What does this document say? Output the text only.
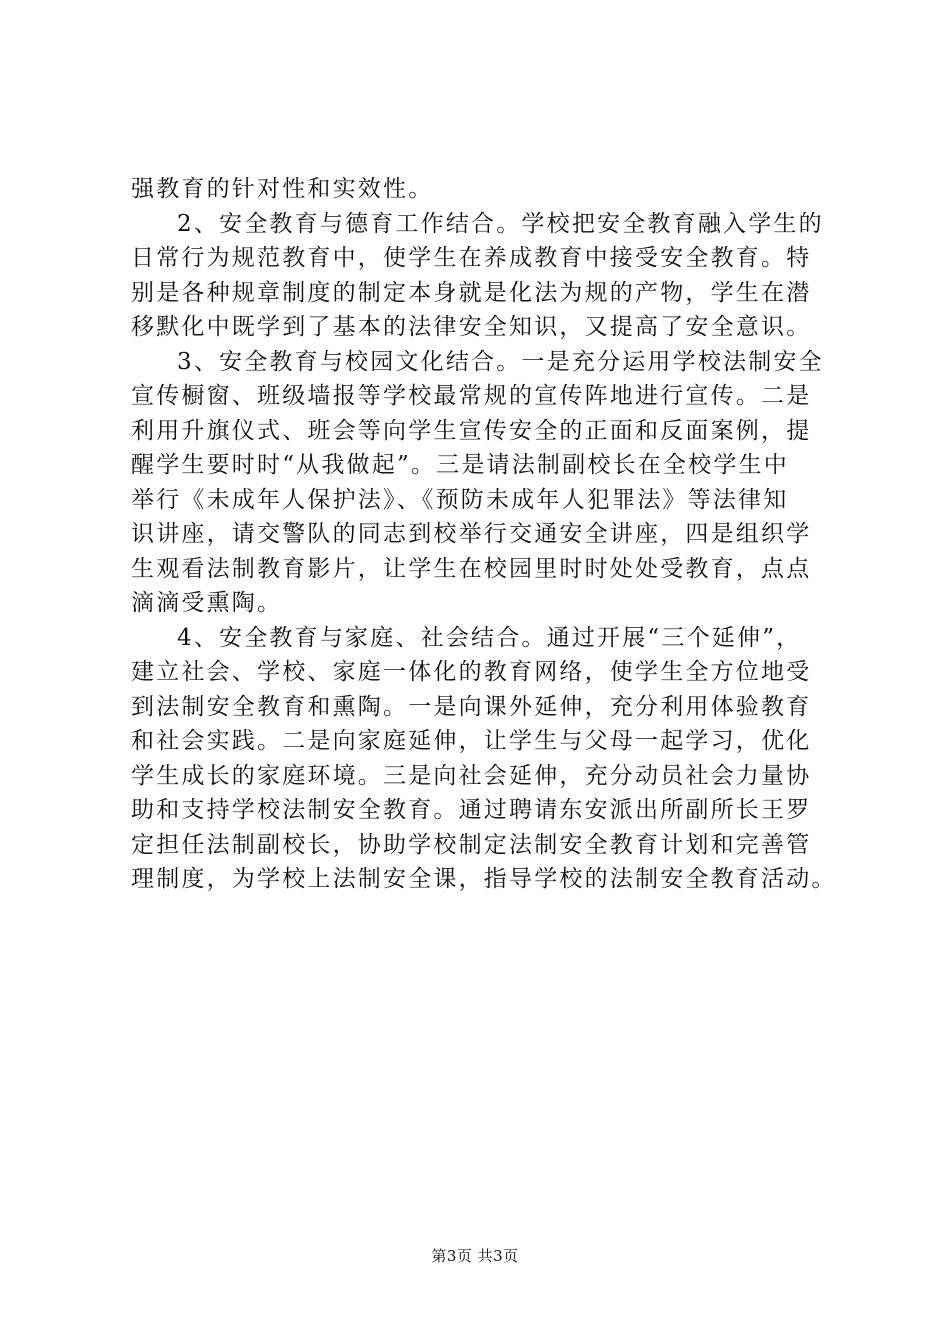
强教育的针对性和实效性。
2、安全教育与德育工作结合。学校把安全教育融入学生的
日常行为规范教育中，使学生在养成教育中接受安全教育。特
别是各种规章制度的制定本身就是化法为规的产物，学生在潜
移默化中既学到了基本的法律安全知识，又提高了安全意识。
3、安全教育与校园文化结合。一是充分运用学校法制安全
宣传橱窗、班级墙报等学校最常规的宣传阵地进行宣传。二是
利用升旗仪式、班会等向学生宣传安全的正面和反面案例，提
醒学生要时时“从我做起”。三是请法制副校长在全校学生中
举行《未成年人保护法》、《预防未成年人犯罪法》等法律知
识讲座，请交警队的同志到校举行交通安全讲座，四是组织学
生观看法制教育影片，让学生在校园里时时处处受教育，点点
滴滴受熏陶。
4、安全教育与家庭、社会结合。通过开展“三个延伸”，
建立社会、学校、家庭一体化的教育网络，使学生全方位地受
到法制安全教育和熏陶。一是向课外延伸，充分利用体验教育
和社会实践。二是向家庭延伸，让学生与父母一起学习，优化
学生成长的家庭环境。三是向社会延伸，充分动员社会力量协
助和支持学校法制安全教育。通过聘请东安派出所副所长王罗
定担任法制副校长，协助学校制定法制安全教育计划和完善管
理制度，为学校上法制安全课，指导学校的法制安全教育活动。
第3页 共3页
